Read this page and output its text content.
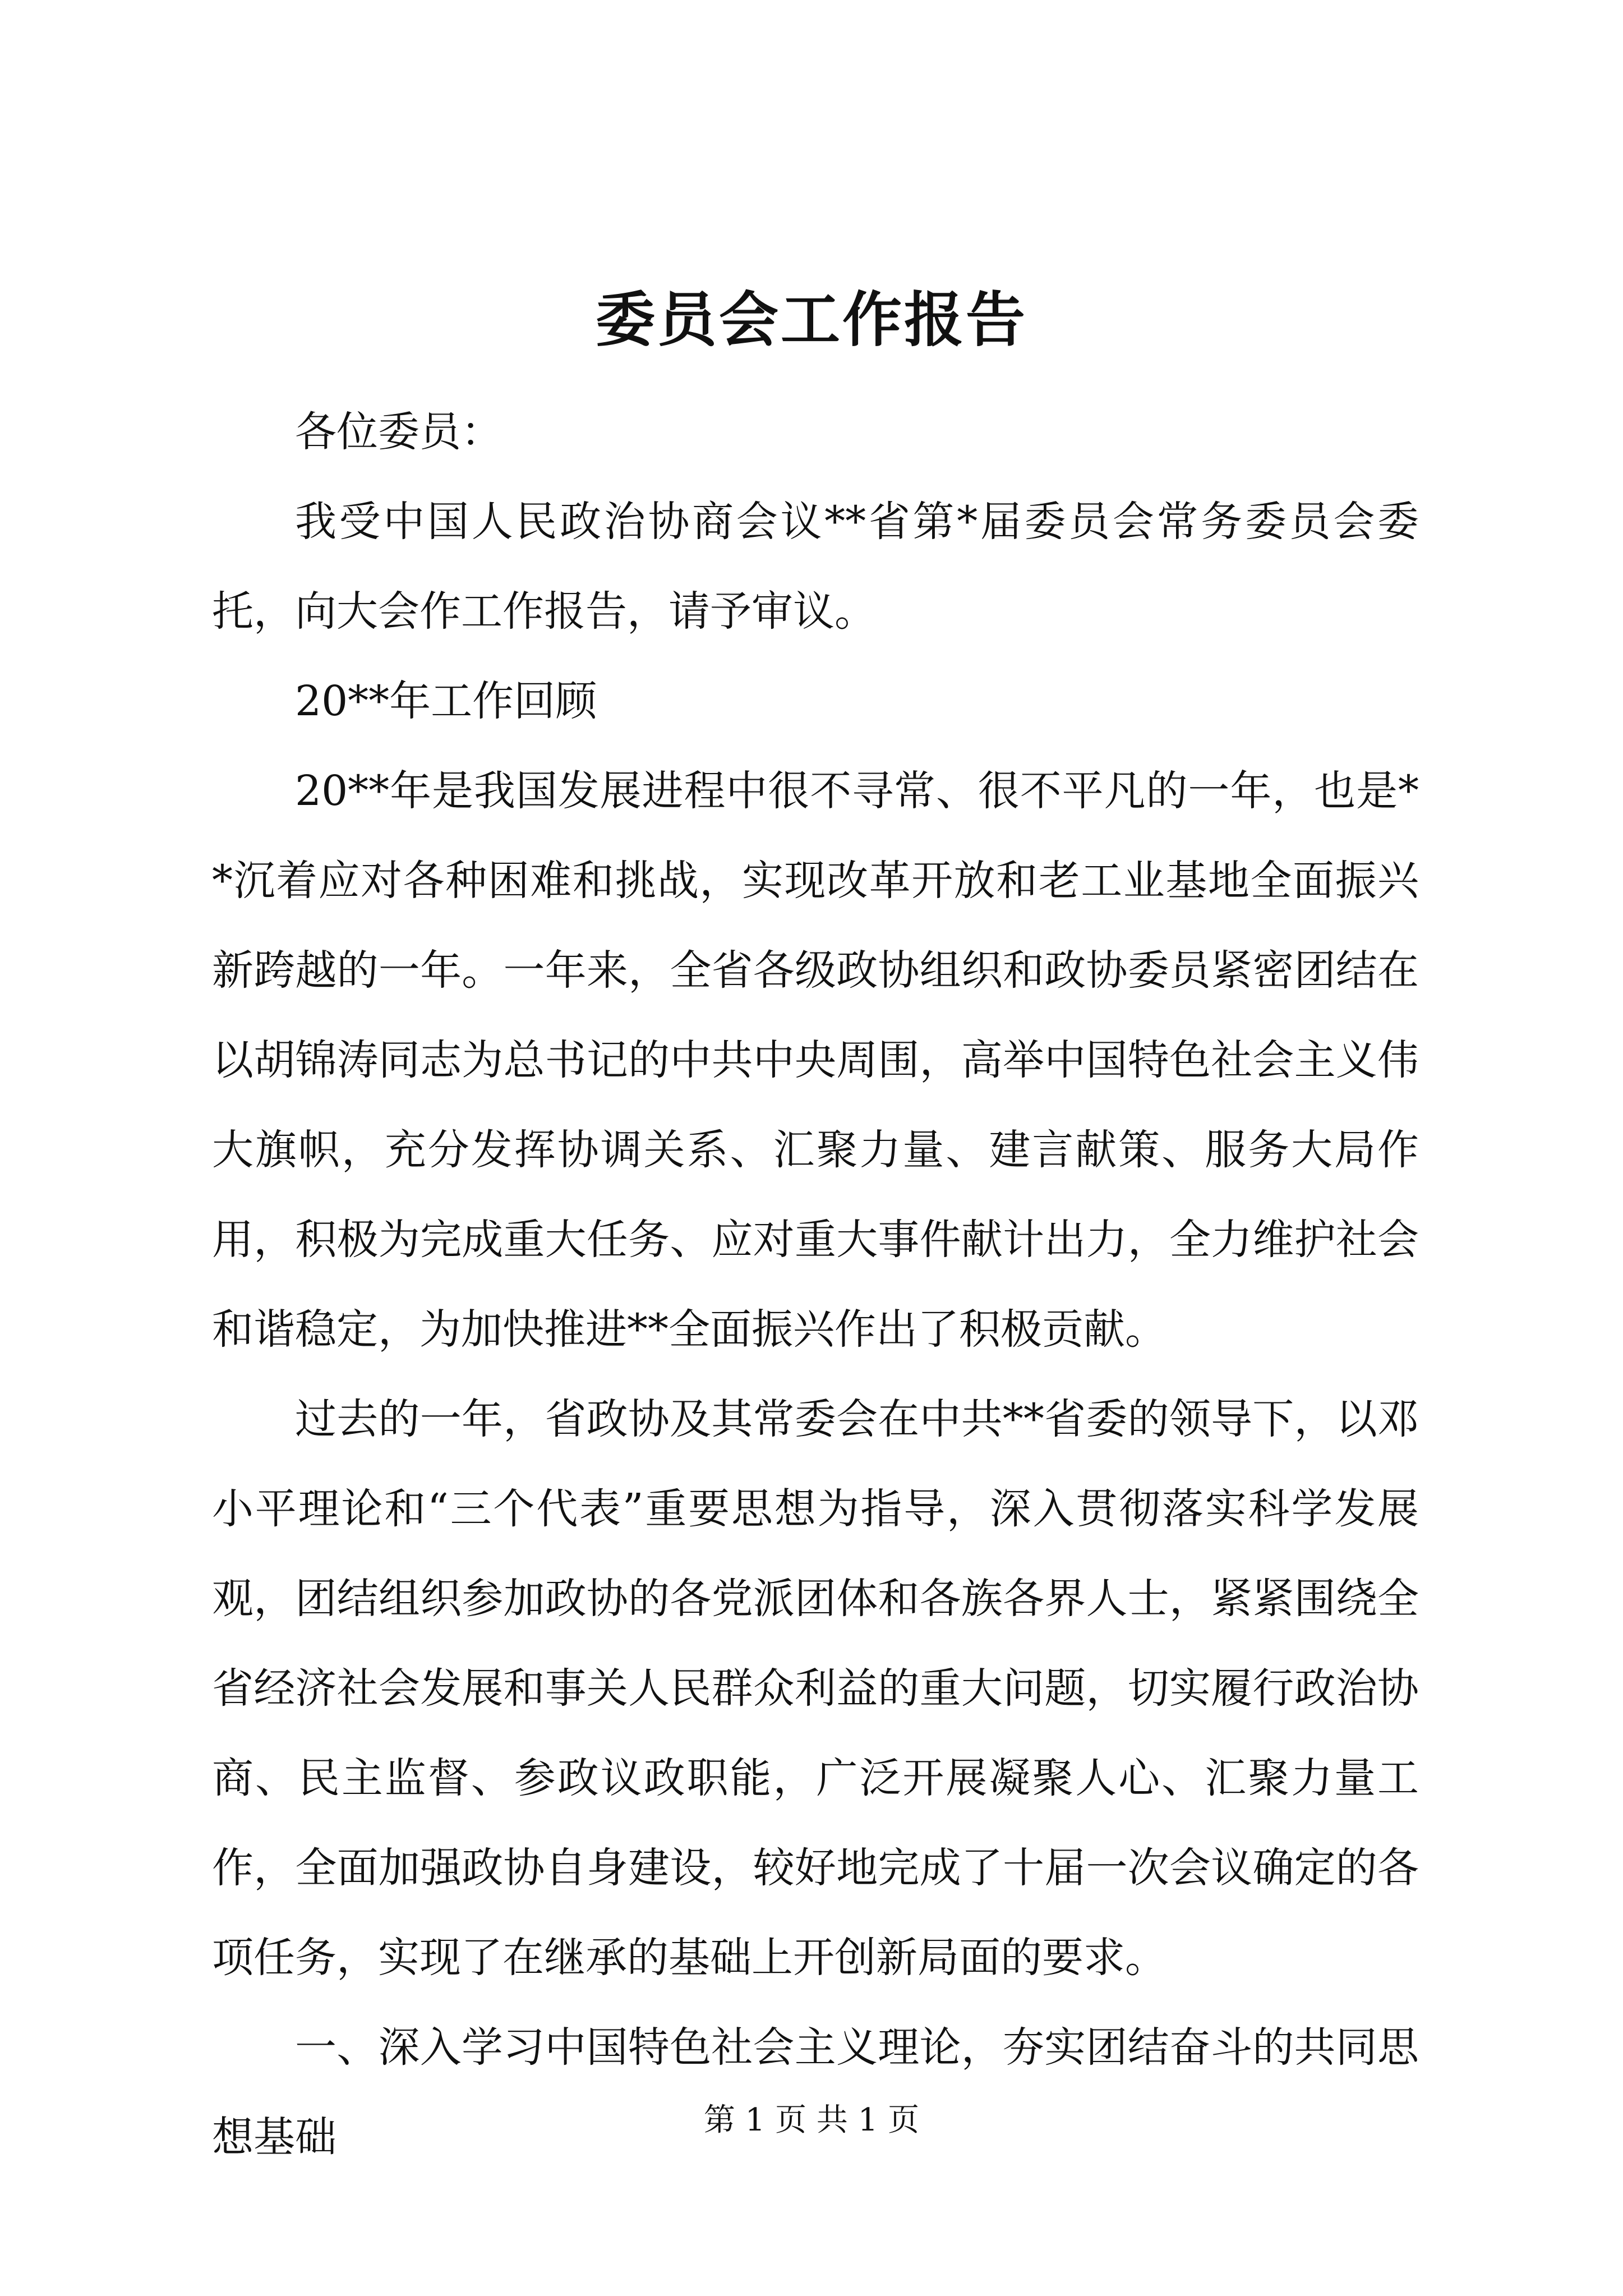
委员会工作报告

各位委员：

我受中国人民政治协商会议**省第*届委员会常务委员会委托，向大会作工作报告，请予审议。

20**年工作回顾

20**年是我国发展进程中很不寻常、很不平凡的一年，也是**沉着应对各种困难和挑战，实现改革开放和老工业基地全面振兴新跨越的一年。一年来，全省各级政协组织和政协委员紧密团结在以胡锦涛同志为总书记的中共中央周围，高举中国特色社会主义伟大旗帜，充分发挥协调关系、汇聚力量、建言献策、服务大局作用，积极为完成重大任务、应对重大事件献计出力，全力维护社会和谐稳定，为加快推进**全面振兴作出了积极贡献。

过去的一年，省政协及其常委会在中共**省委的领导下，以邓小平理论和“三个代表”重要思想为指导，深入贯彻落实科学发展观，团结组织参加政协的各党派团体和各族各界人士，紧紧围绕全省经济社会发展和事关人民群众利益的重大问题，切实履行政治协商、民主监督、参政议政职能，广泛开展凝聚人心、汇聚力量工作，全面加强政协自身建设，较好地完成了十届一次会议确定的各项任务，实现了在继承的基础上开创新局面的要求。

一、深入学习中国特色社会主义理论，夯实团结奋斗的共同思想基础	第 1 页 共 1 页
